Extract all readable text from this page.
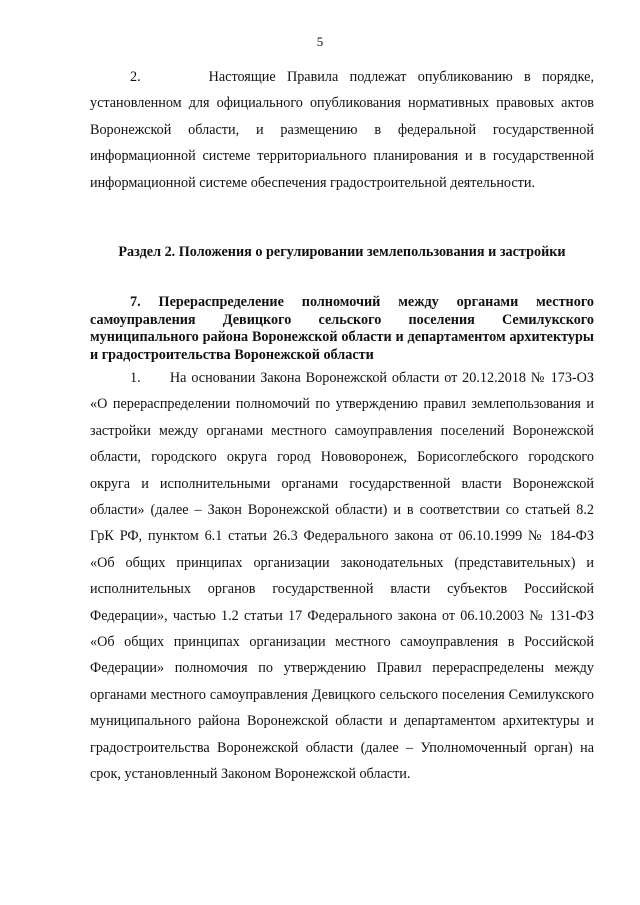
5

2.	Настоящие Правила подлежат опубликованию в порядке, установленном для официального опубликования нормативных правовых актов Воронежской области, и размещению в федеральной государственной информационной системе территориального планирования и в государственной информационной системе обеспечения градостроительной деятельности.

Раздел 2. Положения о регулировании землепользования и застройки

7. Перераспределение полномочий между органами местного самоуправления Девицкого сельского поселения Семилукского муниципального района Воронежской области и департаментом архитектуры и градостроительства Воронежской области

1. На основании Закона Воронежской области от 20.12.2018 № 173-ОЗ «О перераспределении полномочий по утверждению правил землепользования и застройки между органами местного самоуправления поселений Воронежской области, городского округа город Нововоронеж, Борисоглебского городского округа и исполнительными органами государственной власти Воронежской области» (далее – Закон Воронежской области) и в соответствии со статьей 8.2 ГрК РФ, пунктом 6.1 статьи 26.3 Федерального закона от 06.10.1999 № 184-ФЗ «Об общих принципах организации законодательных (представительных) и исполнительных органов государственной власти субъектов Российской Федерации», частью 1.2 статьи 17 Федерального закона от 06.10.2003 № 131-ФЗ «Об общих принципах организации местного самоуправления в Российской Федерации» полномочия по утверждению Правил перераспределены между органами местного самоуправления Девицкого сельского поселения Семилукского муниципального района Воронежской области и департаментом архитектуры и градостроительства Воронежской области (далее – Уполномоченный орган) на срок, установленный Законом Воронежской области.
